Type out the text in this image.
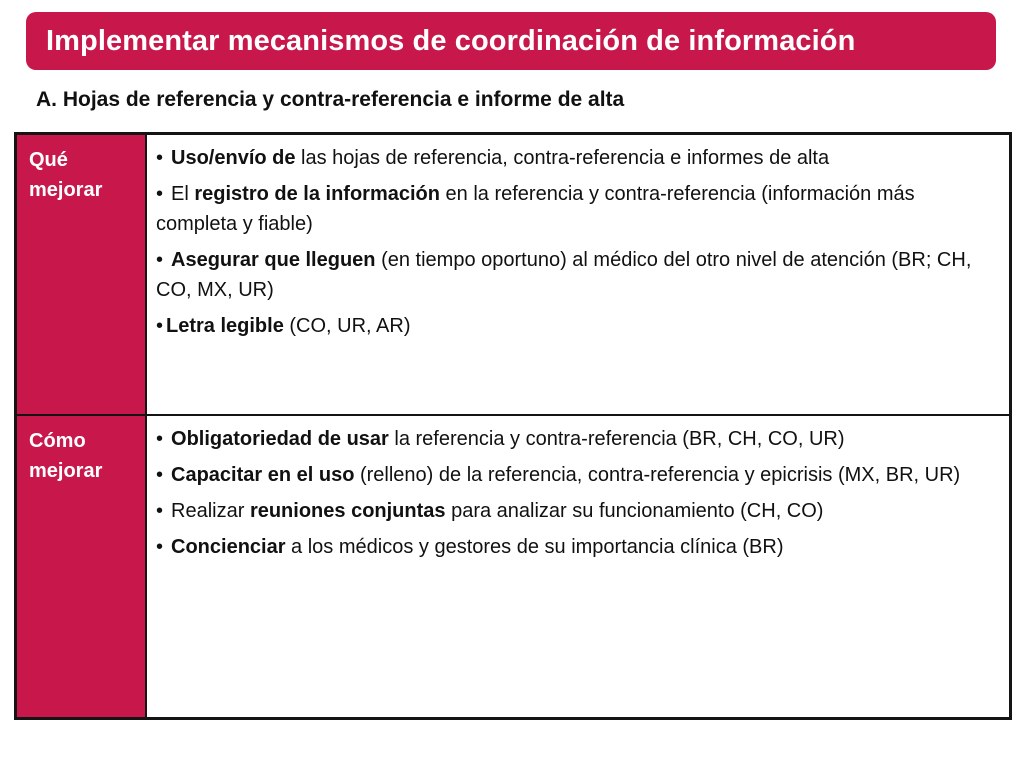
Implementar mecanismos de coordinación de información
A. Hojas de referencia y contra-referencia e informe de alta
Qué
mejorar
• Uso/envío de las hojas de referencia, contra-referencia e informes de alta
• El registro de la información en la referencia y contra-referencia (información más completa y fiable)
• Asegurar que lleguen (en tiempo oportuno) al médico del otro nivel de atención (BR; CH, CO, MX, UR)
• Letra legible (CO, UR, AR)
Cómo
mejorar
• Obligatoriedad de usar la referencia y contra-referencia (BR, CH, CO, UR)
• Capacitar en el uso (relleno) de la referencia, contra-referencia y epicrisis (MX, BR, UR)
• Realizar reuniones conjuntas para analizar su funcionamiento (CH, CO)
• Concienciar a los médicos y gestores de su importancia clínica (BR)
